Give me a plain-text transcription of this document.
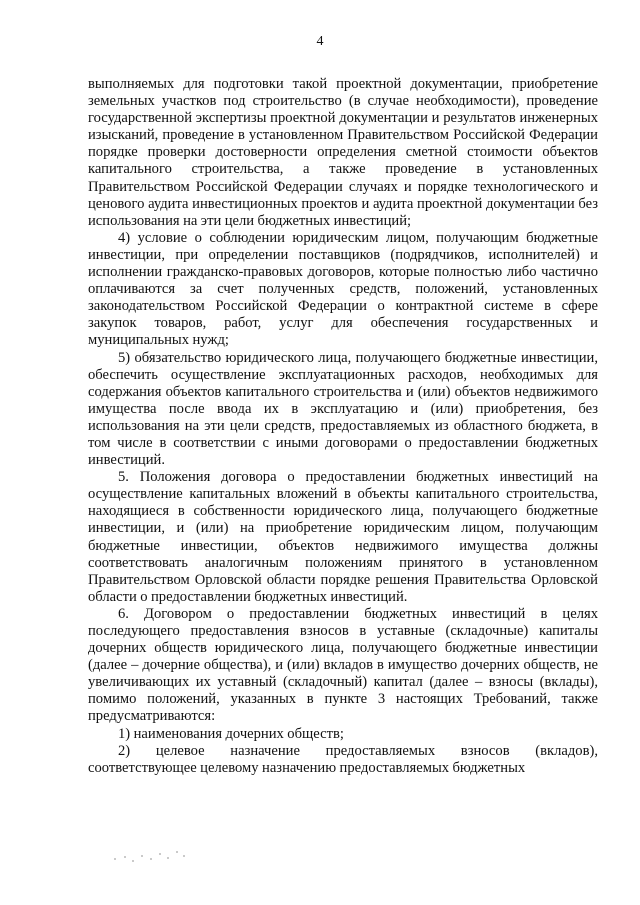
4

выполняемых для подготовки такой проектной документации, приобретение земельных участков под строительство (в случае необходимости), проведение государственной экспертизы проектной документации и результатов инженерных изысканий, проведение в установленном Правительством Российской Федерации порядке проверки достоверности определения сметной стоимости объектов капитального строительства, а также проведение в установленных Правительством Российской Федерации случаях и порядке технологического и ценового аудита инвестиционных проектов и аудита проектной документации без использования на эти цели бюджетных инвестиций;

4) условие о соблюдении юридическим лицом, получающим бюджетные инвестиции, при определении поставщиков (подрядчиков, исполнителей) и исполнении гражданско-правовых договоров, которые полностью либо частично оплачиваются за счет полученных средств, положений, установленных законодательством Российской Федерации о контрактной системе в сфере закупок товаров, работ, услуг для обеспечения государственных и муниципальных нужд;

5) обязательство юридического лица, получающего бюджетные инвестиции, обеспечить осуществление эксплуатационных расходов, необходимых для содержания объектов капитального строительства и (или) объектов недвижимого имущества после ввода их в эксплуатацию и (или) приобретения, без использования на эти цели средств, предоставляемых из областного бюджета, в том числе в соответствии с иными договорами о предоставлении бюджетных инвестиций.

5. Положения договора о предоставлении бюджетных инвестиций на осуществление капитальных вложений в объекты капитального строительства, находящиеся в собственности юридического лица, получающего бюджетные инвестиции, и (или) на приобретение юридическим лицом, получающим бюджетные инвестиции, объектов недвижимого имущества должны соответствовать аналогичным положениям принятого в установленном Правительством Орловской области порядке решения Правительства Орловской области о предоставлении бюджетных инвестиций.

6. Договором о предоставлении бюджетных инвестиций в целях последующего предоставления взносов в уставные (складочные) капиталы дочерних обществ юридического лица, получающего бюджетные инвестиции (далее – дочерние общества), и (или) вкладов в имущество дочерних обществ, не увеличивающих их уставный (складочный) капитал (далее – взносы (вклады), помимо положений, указанных в пункте 3 настоящих Требований, также предусматриваются:

1) наименования дочерних обществ;

2) целевое назначение предоставляемых взносов (вкладов), соответствующее целевому назначению предоставляемых бюджетных
